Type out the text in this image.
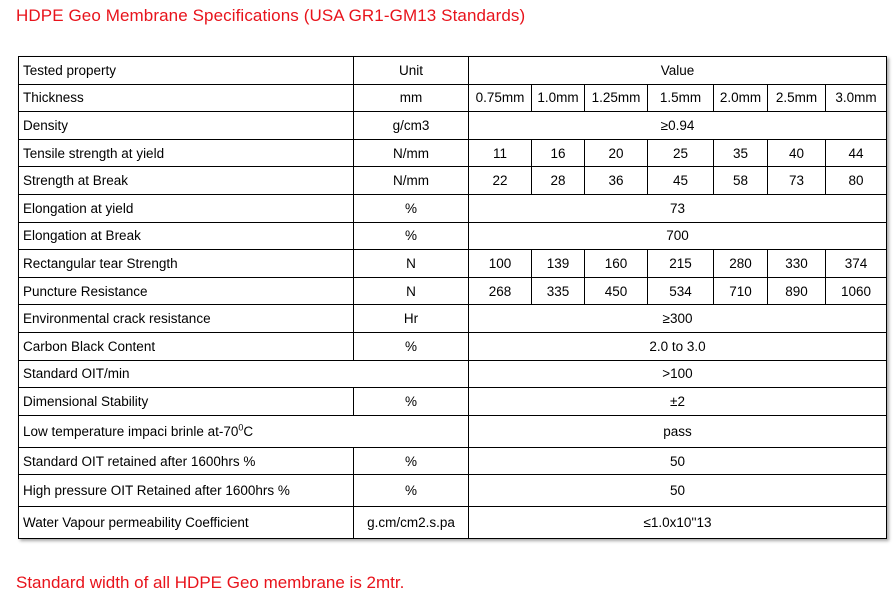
HDPE Geo Membrane Specifications (USA GR1-GM13 Standards)
Tested property	Unit	Value						
Thickness	mm	0.75mm	1.0mm	1.25mm	1.5mm	2.0mm	2.5mm	3.0mm
Density	g/cm3	≥0.94						
Tensile strength at yield	N/mm	11	16	20	25	35	40	44
Strength at Break	N/mm	22	28	36	45	58	73	80
Elongation at yield	%	73						
Elongation at Break	%	700						
Rectangular tear Strength	N	100	139	160	215	280	330	374
Puncture Resistance	N	268	335	450	534	710	890	1060
Environmental crack resistance	Hr	≥300						
Carbon Black Content	%	2.0 to 3.0						
Standard OIT/min		>100						
Dimensional Stability	%	±2						
Low temperature impaci brinle $at-70^0C$		pass						
Standard OIT retained after 1600hrs %	%	50						
High pressure OIT Retained after 1600hrs %	%	50						
Water Vapour permeability Coefficient	g.cm/cm2.s.pa	≤1.0x10''13						
Standard width of all HDPE Geo membrane is 2mtr.
